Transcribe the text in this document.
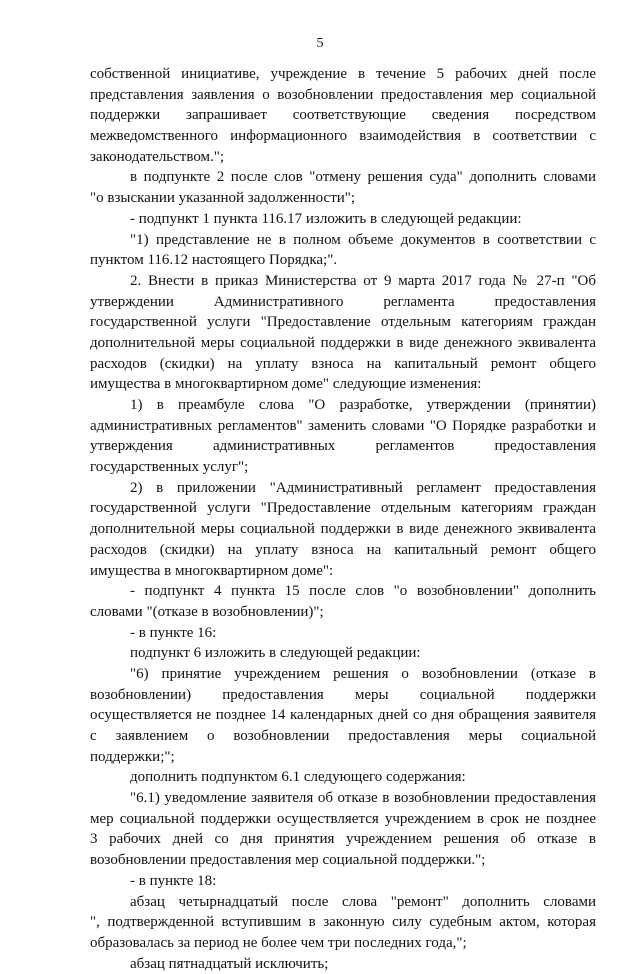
5
собственной инициативе, учреждение в течение 5 рабочих дней после
представления заявления о возобновлении предоставления мер социальной
поддержки запрашивает соответствующие сведения посредством
межведомственного информационного взаимодействия в соответствии с
законодательством.";
в подпункте 2 после слов "отмену решения суда" дополнить словами
"о взыскании указанной задолженности";
- подпункт 1 пункта 116.17 изложить в следующей редакции:
"1) представление не в полном объеме документов в соответствии с
пунктом 116.12 настоящего Порядка;".
2. Внести в приказ Министерства от 9 марта 2017 года № 27-п "Об
утверждении Административного регламента предоставления
государственной услуги "Предоставление отдельным категориям граждан
дополнительной меры социальной поддержки в виде денежного эквивалента
расходов (скидки) на уплату взноса на капитальный ремонт общего
имущества в многоквартирном доме" следующие изменения:
1) в преамбуле слова "О разработке, утверждении (принятии)
административных регламентов" заменить словами "О Порядке разработки и
утверждения административных регламентов предоставления
государственных услуг";
2) в приложении "Административный регламент предоставления
государственной услуги "Предоставление отдельным категориям граждан
дополнительной меры социальной поддержки в виде денежного эквивалента
расходов (скидки) на уплату взноса на капитальный ремонт общего
имущества в многоквартирном доме":
- подпункт 4 пункта 15 после слов "о возобновлении" дополнить
словами "(отказе в возобновлении)";
- в пункте 16:
подпункт 6 изложить в следующей редакции:
"6) принятие учреждением решения о возобновлении (отказе в
возобновлении) предоставления меры социальной поддержки
осуществляется не позднее 14 календарных дней со дня обращения заявителя
с заявлением о возобновлении предоставления меры социальной
поддержки;";
дополнить подпунктом 6.1 следующего содержания:
"6.1) уведомление заявителя об отказе в возобновлении предоставления
мер социальной поддержки осуществляется учреждением в срок не позднее
3 рабочих дней со дня принятия учреждением решения об отказе в
возобновлении предоставления мер социальной поддержки.";
- в пункте 18:
абзац четырнадцатый после слова "ремонт" дополнить словами
", подтвержденной вступившим в законную силу судебным актом, которая
образовалась за период не более чем три последних года,";
абзац пятнадцатый исключить;
